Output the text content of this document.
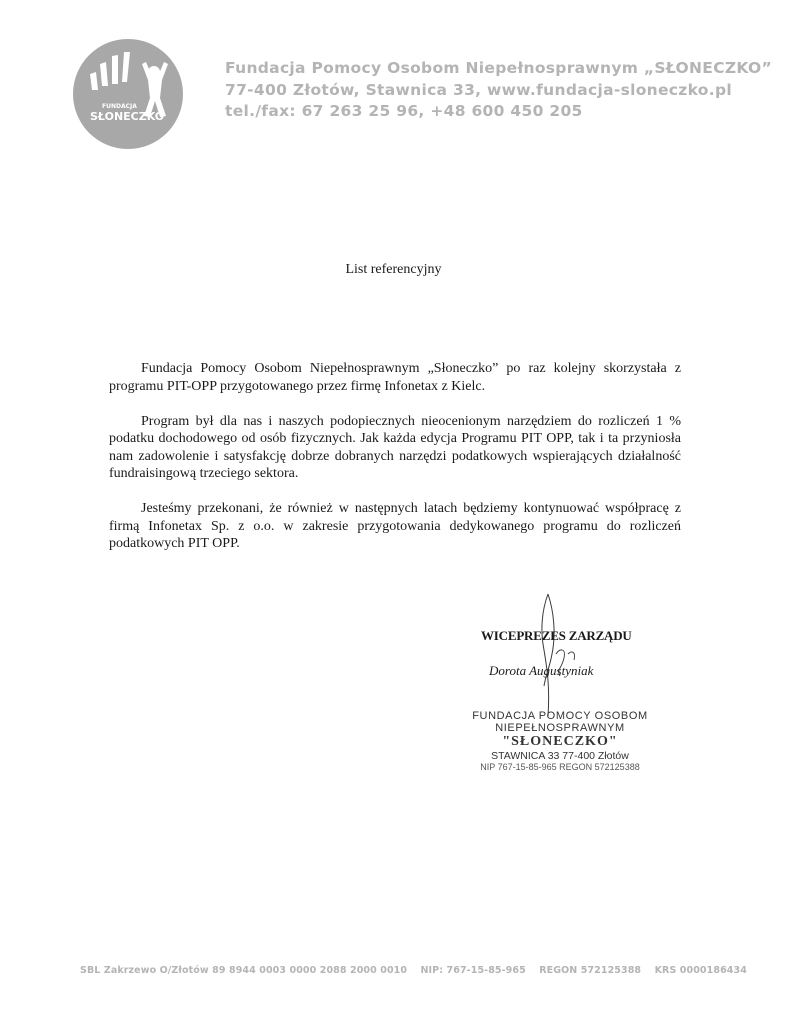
FUNDACJA
SŁONECZKO
Fundacja Pomocy Osobom Niepełnosprawnym „SŁONECZKO”
77-400 Złotów, Stawnica 33, www.fundacja-sloneczko.pl
tel./fax: 67 263 25 96, +48 600 450 205
List referencyjny

Fundacja Pomocy Osobom Niepełnosprawnym „Słoneczko” po raz kolejny skorzystała z programu PIT-OPP przygotowanego przez firmę Infonetax z Kielc.

Program był dla nas i naszych podopiecznych nieocenionym narzędziem do rozliczeń 1 % podatku dochodowego od osób fizycznych. Jak każda edycja Programu PIT OPP, tak i ta przyniosła nam zadowolenie i satysfakcję dobrze dobranych narzędzi podatkowych wspierających działalność fundraisingową trzeciego sektora.

Jesteśmy przekonani, że również w następnych latach będziemy kontynuować współpracę z firmą Infonetax Sp. z o.o. w zakresie przygotowania dedykowanego programu do rozliczeń podatkowych PIT OPP.

WICEPREZES ZARZĄDU
Dorota Augustyniak
FUNDACJA POMOCY OSOBOM
NIEPEŁNOSPRAWNYM
"SŁONECZKO"
STAWNICA 33 77-400 Złotów
NIP 767-15-85-965 REGON 572125388
SBL Zakrzewo O/Złotów 89 8944 0003 0000 2088 2000 0010 NIP: 767-15-85-965 REGON 572125388 KRS 0000186434
